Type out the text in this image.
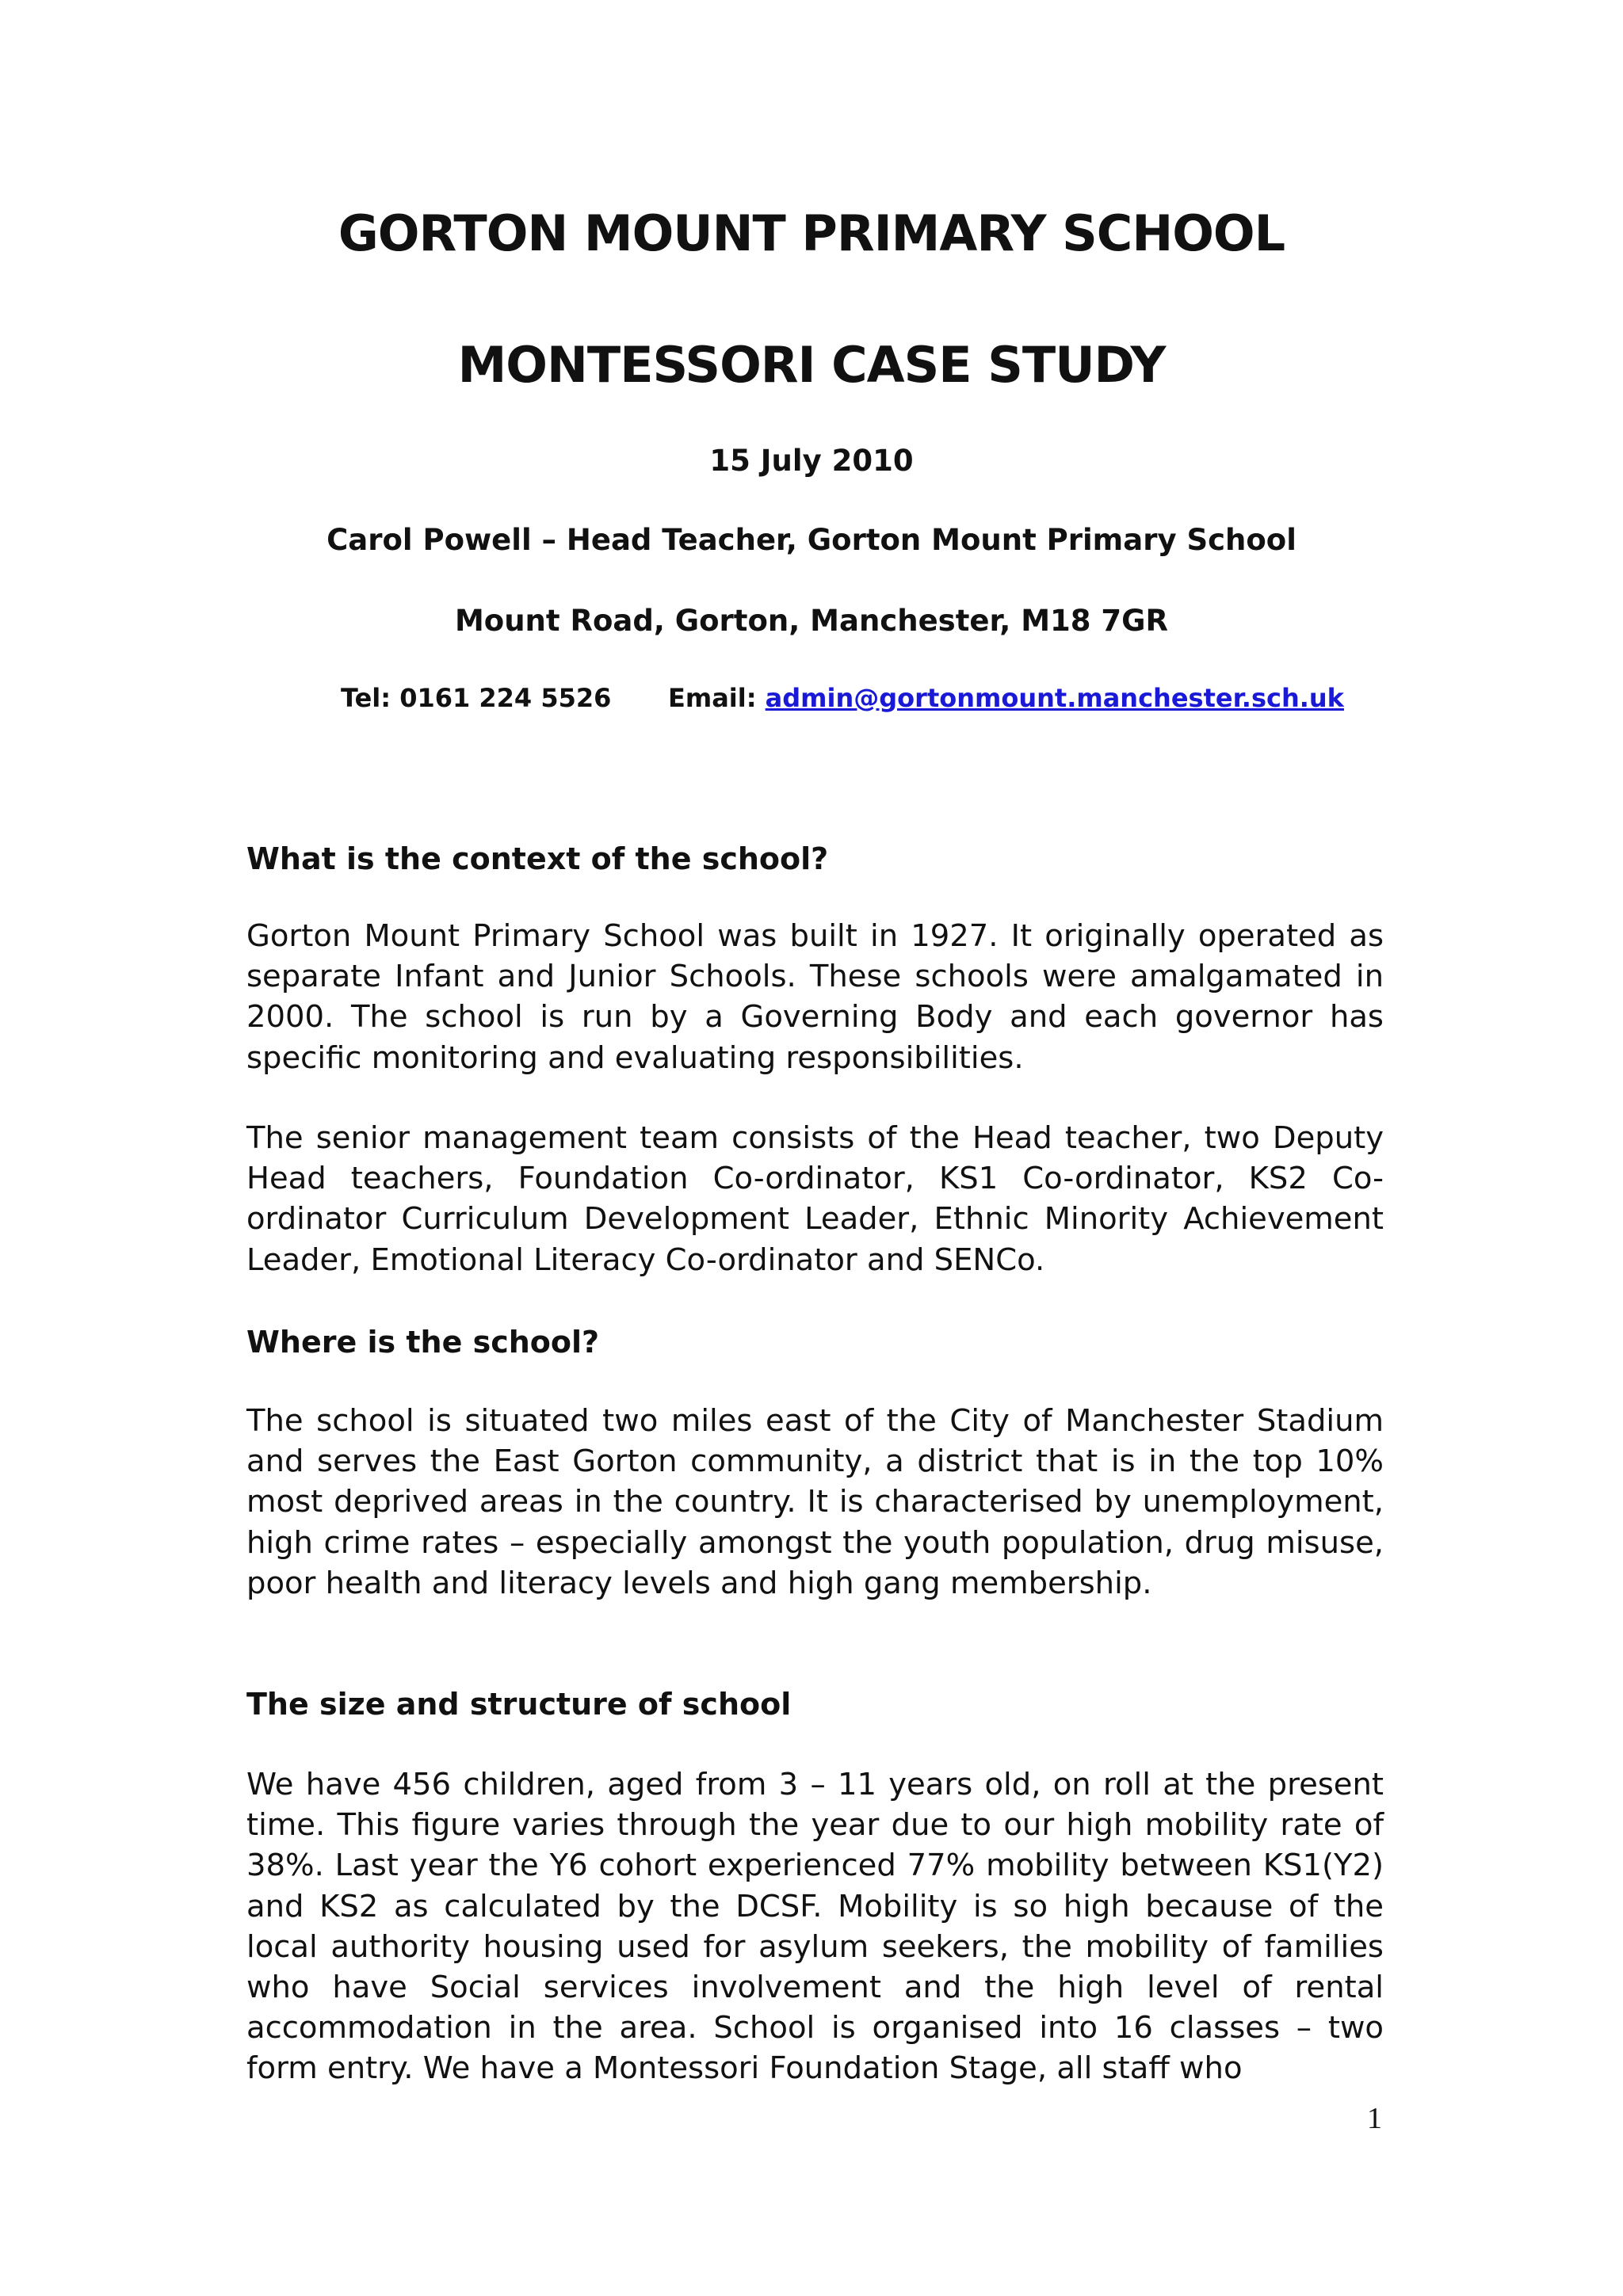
GORTON MOUNT PRIMARY SCHOOL
MONTESSORI CASE STUDY

15 July 2010

Carol Powell – Head Teacher, Gorton Mount Primary School

Mount Road, Gorton, Manchester, M18 7GR

Tel: 0161 224 5526 Email: admin@gortonmount.manchester.sch.uk
What is the context of the school?

Gorton Mount Primary School was built in 1927. It originally operated as separate Infant and Junior Schools. These schools were amalgamated in 2000. The school is run by a Governing Body and each governor has specific monitoring and evaluating responsibilities.

The senior management team consists of the Head teacher, two Deputy Head teachers, Foundation Co-ordinator, KS1 Co-ordinator, KS2 Co-ordinator Curriculum Development Leader, Ethnic Minority Achievement Leader, Emotional Literacy Co-ordinator and SENCo.

Where is the school?

The school is situated two miles east of the City of Manchester Stadium and serves the East Gorton community, a district that is in the top 10% most deprived areas in the country. It is characterised by unemployment, high crime rates – especially amongst the youth population, drug misuse, poor health and literacy levels and high gang membership.

The size and structure of school

We have 456 children, aged from 3 – 11 years old, on roll at the present time. This figure varies through the year due to our high mobility rate of 38%. Last year the Y6 cohort experienced 77% mobility between KS1(Y2) and KS2 as calculated by the DCSF. Mobility is so high because of the local authority housing used for asylum seekers, the mobility of families who have Social services involvement and the high level of rental accommodation in the area. School is organised into 16 classes – two form entry. We have a Montessori Foundation Stage, all staff who

1
